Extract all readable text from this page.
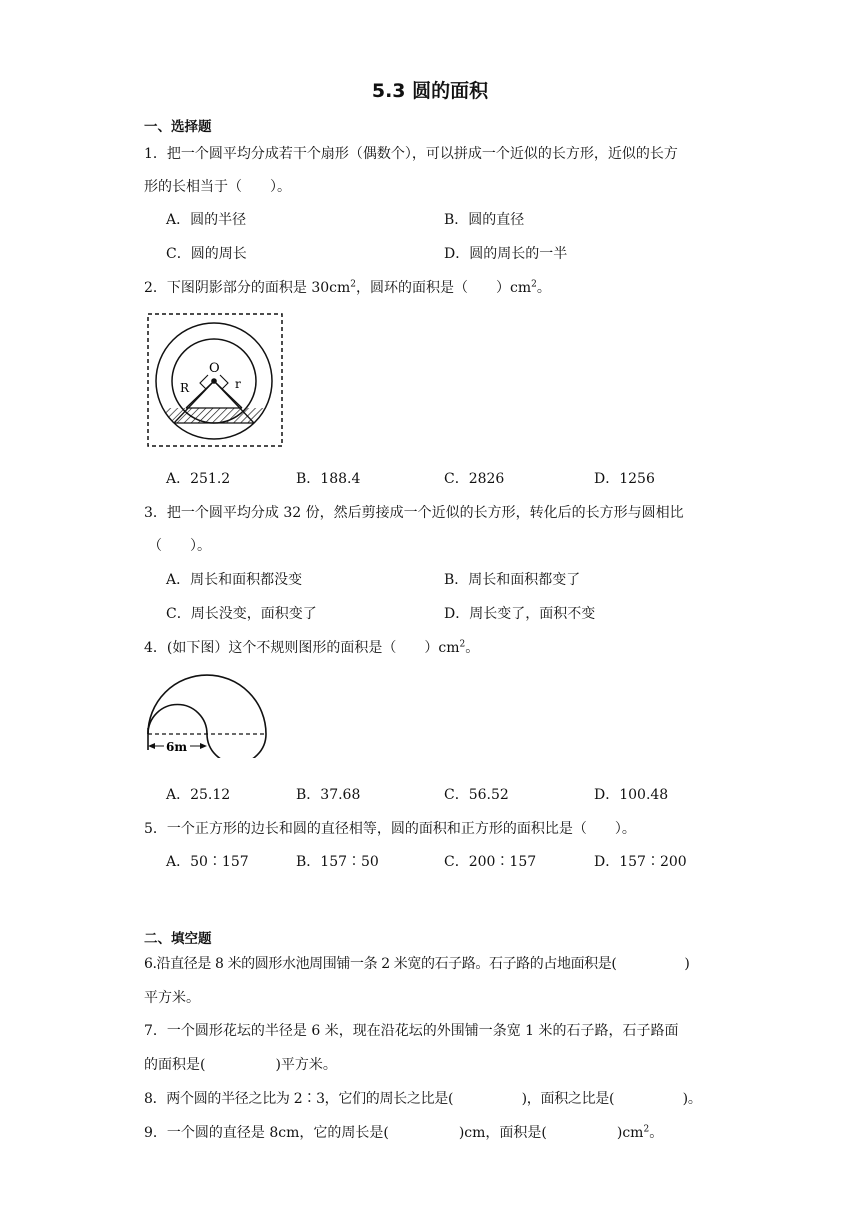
5.3 圆的面积
一、选择题
1．把一个圆平均分成若干个扇形（偶数个），可以拼成一个近似的长方形，近似的长方
形的长相当于（　　）。
A．圆的半径	B．圆的直径
C．圆的周长	D．圆的周长的一半
2．下图阴影部分的面积是 $30cm^2$，圆环的面积是（　　）$cm^2$。
O
R	r
A．251.2	B．188.4	C．2826	D．1256
3．把一个圆平均分成 32 份，然后剪接成一个近似的长方形，转化后的长方形与圆相比
（　　）。
A．周长和面积都没变	B．周长和面积都变了
C．周长没变，面积变了	D．周长变了，面积不变
4．(如下图）这个不规则图形的面积是（　　）$cm^2$。
6m
A．25.12	B．37.68	C．56.52	D．100.48
5．一个正方形的边长和圆的直径相等，圆的面积和正方形的面积比是（　　）。
A．50∶157	B．157∶50	C．200∶157	D．157∶200
二、填空题
6.沿直径是 8 米的圆形水池周围铺一条 2 米宽的石子路。石子路的占地面积是(　　　　　)
平方米。
7．一个圆形花坛的半径是 6 米，现在沿花坛的外围铺一条宽 1 米的石子路，石子路面
的面积是(　　　　　)平方米。
8．两个圆的半径之比为 2∶3，它们的周长之比是(　　　　　)，面积之比是(　　　　　)。
9．一个圆的直径是 8cm，它的周长是(　　　　　)cm，面积是(　　　　　)$cm^2$。
